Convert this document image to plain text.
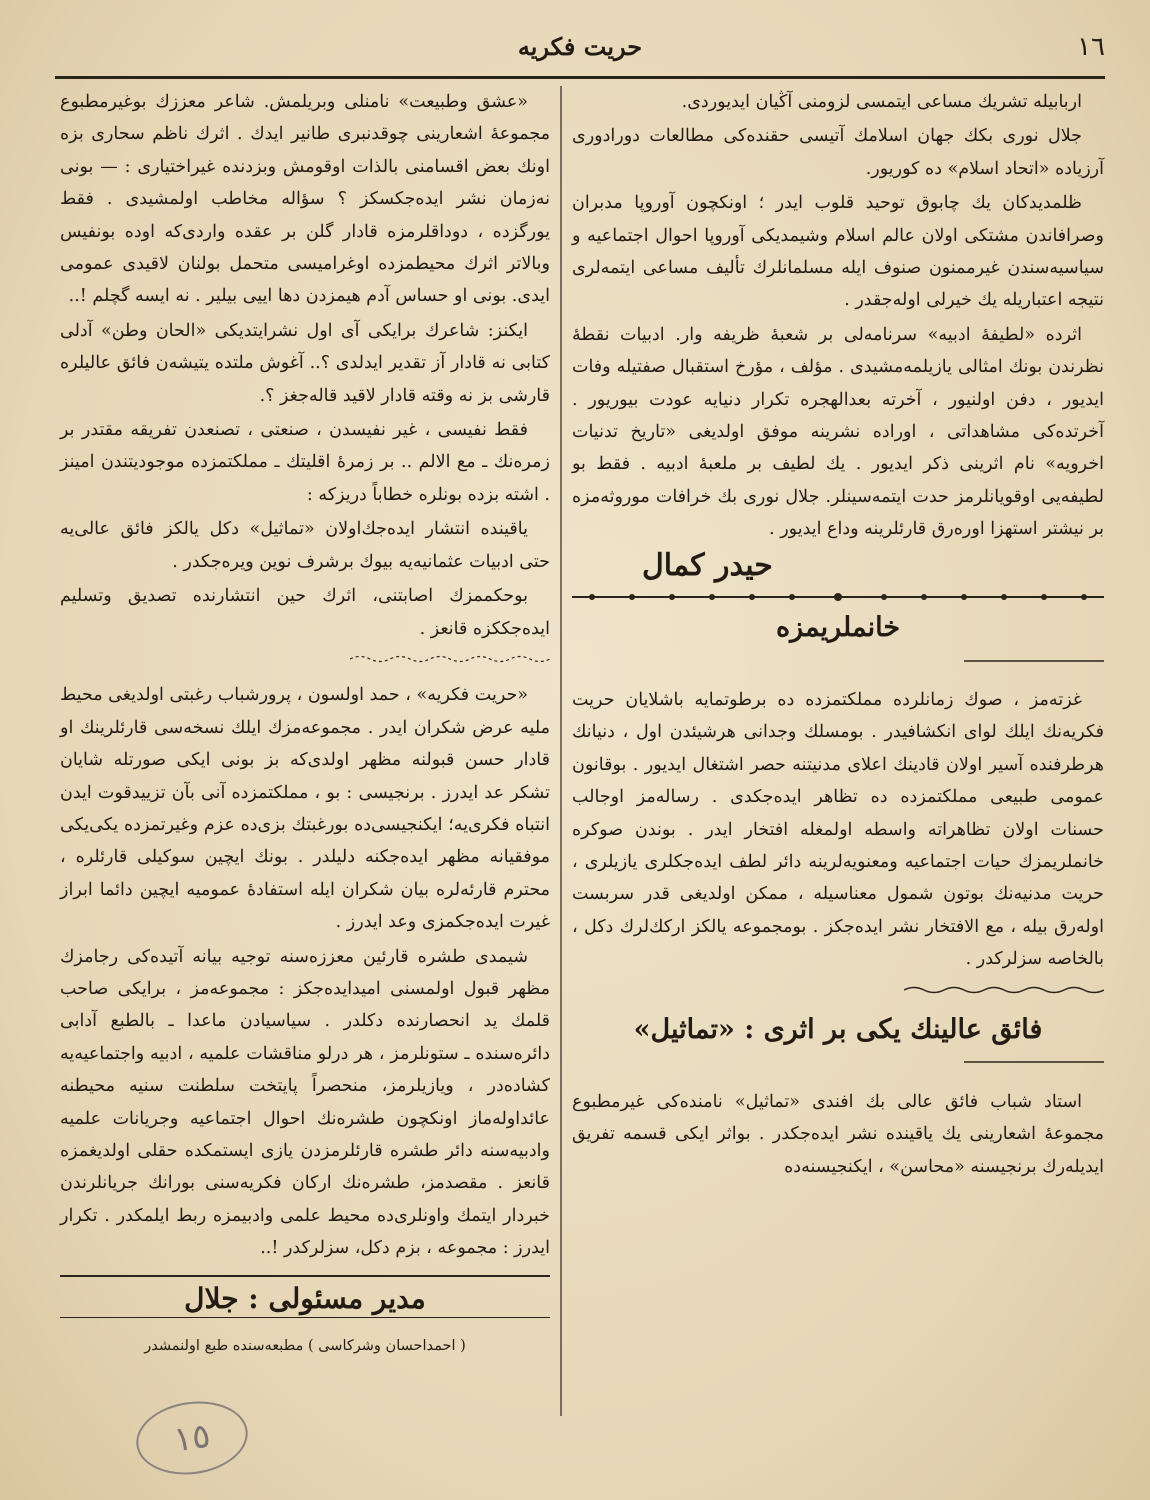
حريت فكريه	١٦

اربابيله تشريك مساعى ايتمسى لزومنى آڭيان ايديوردى.

جلال نورى بكك جهان اسلامك آتيسى حقنده‌كى مطالعات دورادورى آرزياده «اتحاد اسلام» ده كوريور.

ظلمديدكان يك چابوق توحيد قلوب ايدر ؛ اونكچون آوروپا مدبران وصرافاندن مشتكى اولان عالم اسلام وشيمديكى آوروپا احوال اجتماعيه و سياسيه‌سندن غيرممنون صنوف ايله مسلمانلرك تأليف مساعى ايتمەلرى نتيجه اعتباريله يك خيرلى اوله‌جقدر .

اثرده «لطيفهٔ ادبيه» سرنامه‌لى بر شعبهٔ ظريفه وار. ادبيات نقطهٔ نظرندن بونك امثالى يازيلمه‌مشيدى . مؤلف ، مؤرخ استقبال صفتيله وفات ايديور ، دفن اولنيور ، آخرته بعدالهجره تكرار دنيايه عودت بيوريور . آخرتده‌كى مشاهداتى ، اوراده نشرينه موفق اولديغى «تاريخ تدنيات اخرويه» نام اثرينى ذكر ايديور . يك لطيف بر ملعبهٔ ادبيه . فقط بو لطيفه‌يى اوقويانلرمز حدت ايتمه‌سينلر. جلال نورى بك خرافات موروثه‌مزه بر نيشتر استهزا اوره‌رق قارئلرينه وداع ايديور .

حيدر كمال
خانملريمزه

غزته‌مز ، صوك زمانلرده مملكتمزده ده برطوتمايه باشلايان حريت فكريه‌نك ايلك لواى انكشافيدر . بومسلك وجدانى هرشيئدن اول ، دنيانك هرطرفنده آسير اولان قادينك اعلاى مدنيتنه حصر اشتغال ايديور . بوقانون عمومى طبيعى مملكتمزده ده تظاهر ايده‌جكدى . رساله‌مز اوجالب حسنات اولان تظاهراته واسطه اولمغله افتخار ايدر . بوندن صوكره خانملريمزك حيات اجتماعيه ومعنويه‌لرينه دائر لطف ايده‌جكلرى يازيلرى ، حريت مدنيه‌نك بوتون شمول معناسيله ، ممكن اولديغى قدر سربست اولەرق بيله ، مع الافتخار نشر ايده‌جكز . بومجموعه يالكز اركك‌لرك دكل ، بالخاصه سزلركدر .

فائق عالينك يكى بر اثرى : «تماثيل»

استاد شباب فائق عالى بك افندى «تماثيل» نامنده‌كى غيرمطبوع مجموعهٔ اشعارينى يك ياقينده نشر ايده‌جكدر . بواثر ايكى قسمه تفريق ايديله‌رك برنجيسنه «محاسن» ، ايكنجيسنه‌ده

«عشق وطبيعت» نامنلى وبريلمش. شاعر معززك بوغيرمطبوع مجموعهٔ اشعارينى چوقدنبرى طانير ايدك . اثرك ناظم سحارى بزه اونك بعض اقسامنى بالذات اوقومش وبزدنده غيراختيارى : — بونى نه‌زمان نشر ايده‌جكسكز ؟ سؤاله مخاطب اولمشيدى . فقط يورگزده ، دوداقلرمزه قادار گلن بر عقده واردى‌كه اوده بونفيس وبالاتر اثرك محيطمزده اوغراميسى متحمل بولنان لاقيدى عمومى ايدى. بونى او حساس آدم هيمزدن دها اييى بيلير . نه ايسه گچلم !..

ايكنز: شاعرك برايكى آى اول نشرايتديكى «الحان وطن» آدلى كتابى نه قادار آز تقدير ايدلدى ؟.. آغوش ملتده يتيشه‌ن فائق عاليلره قارشى بز نه وقته قادار لاقيد قاله‌جغز ؟.

فقط نفيسى ، غير نفيسدن ، صنعتى ، تصنعدن تفريقه مقتدر بر زمره‌نك ـ مع الالم .. بر زمرهٔ اقليتك ـ مملكتمزده موجوديتندن امينز . اشته بزده بونلره خطاباً دريزكه :

ياقينده انتشار ايده‌جك‌اولان «تماثيل» دكل يالكز فائق عالى‌يه حتى ادبيات عثمانيه‌يه بيوك برشرف نوين ويره‌جكدر .

بوحكممزك اصابتنى، اثرك حين انتشارنده تصديق وتسليم ايده‌جككزه قانعز .

«حريت فكريه» ، حمد اولسون ، پرورشباب رغبتى اولديغى محيط مليه عرض شكران ايدر . مجموعه‌مزك ايلك نسخه‌سى قارئلرينك او قادار حسن قبولنه مظهر اولدى‌كه بز بونى ايكى صورتله شايان تشكر عد ايدرز . برنجيسى : بو ، مملكتمزده آنى بآن تزييدقوت ايدن انتباه فكرى‌يه؛ ايكنجيسى‌ده بورغبتك بزى‌ده عزم وغيرتمزده يكى‌يكى موفقيانه مظهر ايده‌جكنه دليلدر . بونك ايچين سوكيلى قارئلره ، محترم قارئه‌لره بيان شكران ايله استفادهٔ عموميه ايچين دائما ابراز غيرت ايده‌جكمزى وعد ايدرز .

شيمدى طشره قارئين معززه‌سنه توجيه بيانه آتيده‌كى رجامزك مظهر قبول اولمسنى اميدايده‌جكز : مجموعه‌مز ، برايكى صاحب قلمك يد انحصارنده دكلدر . سياسيادن ماعدا ـ بالطبع آدابى دائره‌سنده ـ ستونلرمز ، هر درلو مناقشات علميه ، ادبيه واجتماعيه‌يه كشاده‌در ، ويازيلرمز، منحصراً پايتخت سلطنت سنيه محيطنه عائداولەماز اونكچون طشره‌نك احوال اجتماعيه وجريانات علميه وادبيه‌سنه دائر طشره قارئلرمزدن يازى ايستمكده حقلى اولديغمزه قانعز . مقصدمز، طشره‌نك اركان فكريه‌سنى بورانك جريانلرندن خبردار ايتمك واونلرى‌ده محيط علمى وادبيمزه ربط ايلمكدر . تكرار ايدرز : مجموعه ، بزم دكل، سزلركدر !..

مدير مسئولى : جلال
( احمداحسان وشركاسى ) مطبعه‌سنده طبع اولنمشدر
١٥
